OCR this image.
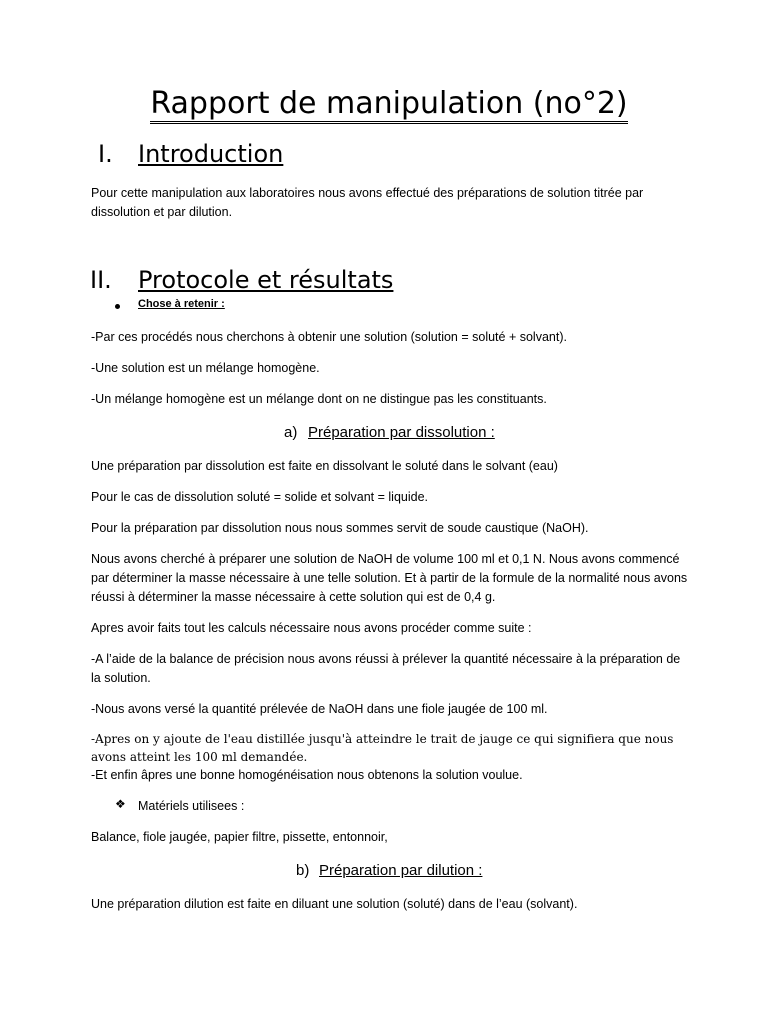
Rapport de manipulation (no°2)
I. Introduction
Pour cette manipulation aux laboratoires nous avons effectué des préparations de solution titrée par dissolution et par dilution.
II. Protocole et résultats
Chose à retenir :
-Par ces procédés nous cherchons à obtenir une solution (solution = soluté + solvant).
-Une solution est un mélange homogène.
-Un mélange homogène est un mélange dont on ne distingue pas les constituants.
a) Préparation par dissolution :
Une préparation par dissolution est faite en dissolvant le soluté dans le solvant (eau)
Pour le cas de dissolution soluté = solide et solvant = liquide.
Pour la préparation par dissolution nous nous sommes servit de soude caustique (NaOH).
Nous avons cherché à préparer une solution de NaOH de volume 100 ml et 0,1 N. Nous avons commencé par déterminer la masse nécessaire à une telle solution. Et à partir de la formule de la normalité nous avons réussi à déterminer la masse nécessaire à cette solution qui est de 0,4 g.
Apres avoir faits tout les calculs nécessaire nous avons procéder comme suite :
-A l’aide de la balance de précision nous avons réussi à prélever la quantité nécessaire à la préparation de la solution.
-Nous avons versé la quantité prélevée de NaOH dans une fiole jaugée de 100 ml.
-Apres on y ajoute de l'eau distillée jusqu'à atteindre le trait de jauge ce qui signifiera que nous avons atteint les 100 ml demandée.
-Et enfin âpres une bonne homogénéisation nous obtenons la solution voulue.
❖ Matériels utilisees :
Balance, fiole jaugée, papier filtre, pissette, entonnoir,
b) Préparation par dilution :
Une préparation dilution est faite en diluant une solution (soluté) dans de l’eau (solvant).
